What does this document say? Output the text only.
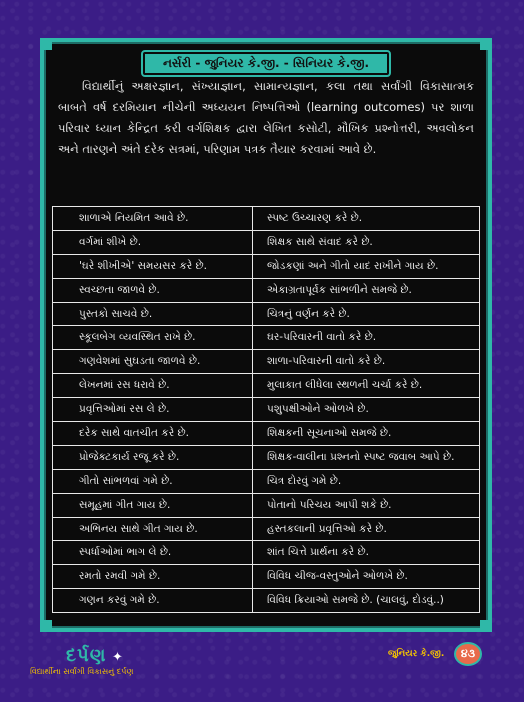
નર્સરી - જુનિયર કે.જી. - સિનિયર કે.જી.

વિદ્યાર્થીનું અક્ષરજ્ઞાન, સંખ્યાજ્ઞાન, સામાન્યજ્ઞાન, કલા તથા સર્વાંગી વિકાસાત્મક બાબતે વર્ષ દરમિયાન નીચેની અધ્યયન નિષ્પત્તિઓ (learning outcomes) પર શાળા પરિવાર ધ્યાન કેન્દ્રિત કરી વર્ગશિક્ષક દ્વારા લેખિત કસોટી, મૌખિક પ્રશ્નોત્તરી, અવલોકન અને તારણને અંતે દરેક સત્રમાં, પરિણામ પત્રક તૈયાર કરવામાં આવે છે.

શાળાએ નિયમિત આવે છે.	સ્પષ્ટ ઉચ્ચારણ કરે છે.
વર્ગમાં શીખે છે.	શિક્ષક સાથે સંવાદ કરે છે.
'ઘરે શીખીએ' સમયસર કરે છે.	જોડકણાં અને ગીતો યાદ રાખીને ગાય છે.
સ્વચ્છતા જાળવે છે.	એકાગ્રતાપૂર્વક સાંભળીને સમજે છે.
પુસ્તકો સાચવે છે.	ચિત્રનું વર્ણન કરે છે.
સ્કૂલબેગ વ્યવસ્થિત રાખે છે.	ઘર-પરિવારની વાતો કરે છે.
ગણવેશમાં સુઘડતા જાળવે છે.	શાળા-પરિવારની વાતો કરે છે.
લેખનમાં રસ ધરાવે છે.	મુલાકાત લીધેલા સ્થળની ચર્ચા કરે છે.
પ્રવૃત્તિઓમાં રસ લે છે.	પશુપક્ષીઓને ઓળખે છે.
દરેક સાથે વાતચીત કરે છે.	શિક્ષકની સૂચનાઓ સમજે છે.
પ્રોજેક્ટકાર્ય રજૂ કરે છે.	શિક્ષક-વાલીના પ્રશ્નનો સ્પષ્ટ જવાબ આપે છે.
ગીતો સાંભળવાં ગમે છે.	ચિત્ર દોરવું ગમે છે.
સમૂહમાં ગીત ગાય છે.	પોતાનો પરિચય આપી શકે છે.
અભિનય સાથે ગીત ગાય છે.	હસ્તકલાની પ્રવૃત્તિઓ કરે છે.
સ્પર્ધાઓમાં ભાગ લે છે.	શાંત ચિત્તે પ્રાર્થના કરે છે.
રમતો રમવી ગમે છે.	વિવિધ ચીજ-વસ્તુઓને ઓળખે છે.
ગણન કરવું ગમે છે.	વિવિધ ક્રિયાઓ સમજે છે. (ચાલવું, દોડવું..)
દર્પણ ✦
વિદ્યાર્થીના સર્વાંગી વિકાસનું દર્પણ
જુનિયર કે.જી.	૪૩
